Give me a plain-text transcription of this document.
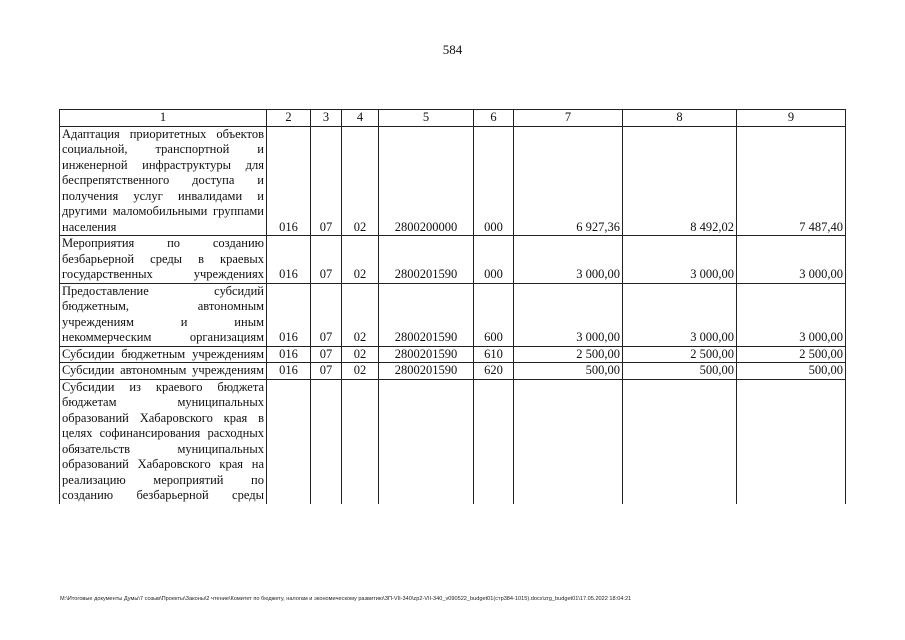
584
1	2	3	4	5	6	7	8	9
Адаптация приоритетных объектов социальной, транспортной и инженерной инфраструктуры для беспрепятственного доступа и получения услуг инвалидами и другими маломобильными группами населения	016	07	02	2800200000	000	6 927,36	8 492,02	7 487,40
Мероприятия по созданию безбарьерной среды в краевых государственных учреждениях	016	07	02	2800201590	000	3 000,00	3 000,00	3 000,00
Предоставление субсидий бюджетным, автономным учреждениям и иным некоммерческим организациям	016	07	02	2800201590	600	3 000,00	3 000,00	3 000,00
Субсидии бюджетным учреждениям	016	07	02	2800201590	610	2 500,00	2 500,00	2 500,00
Субсидии автономным учреждениям	016	07	02	2800201590	620	500,00	500,00	500,00
Субсидии из краевого бюджета бюджетам муниципальных образований Хабаровского края в целях софинансирования расходных обязательств муниципальных образований Хабаровского края на реализацию мероприятий по созданию безбарьерной среды								
M:\Итоговые документы Думы\7 созыв\Проекты\Законы\2 чтение\Комитет по бюджету, налогам и экономическому развитию\ЗП-VII-340\zp2-VII-340_v090522_budget01(стр384-1015).docx\zrg_budget01\17.05.2022 18:04:21
